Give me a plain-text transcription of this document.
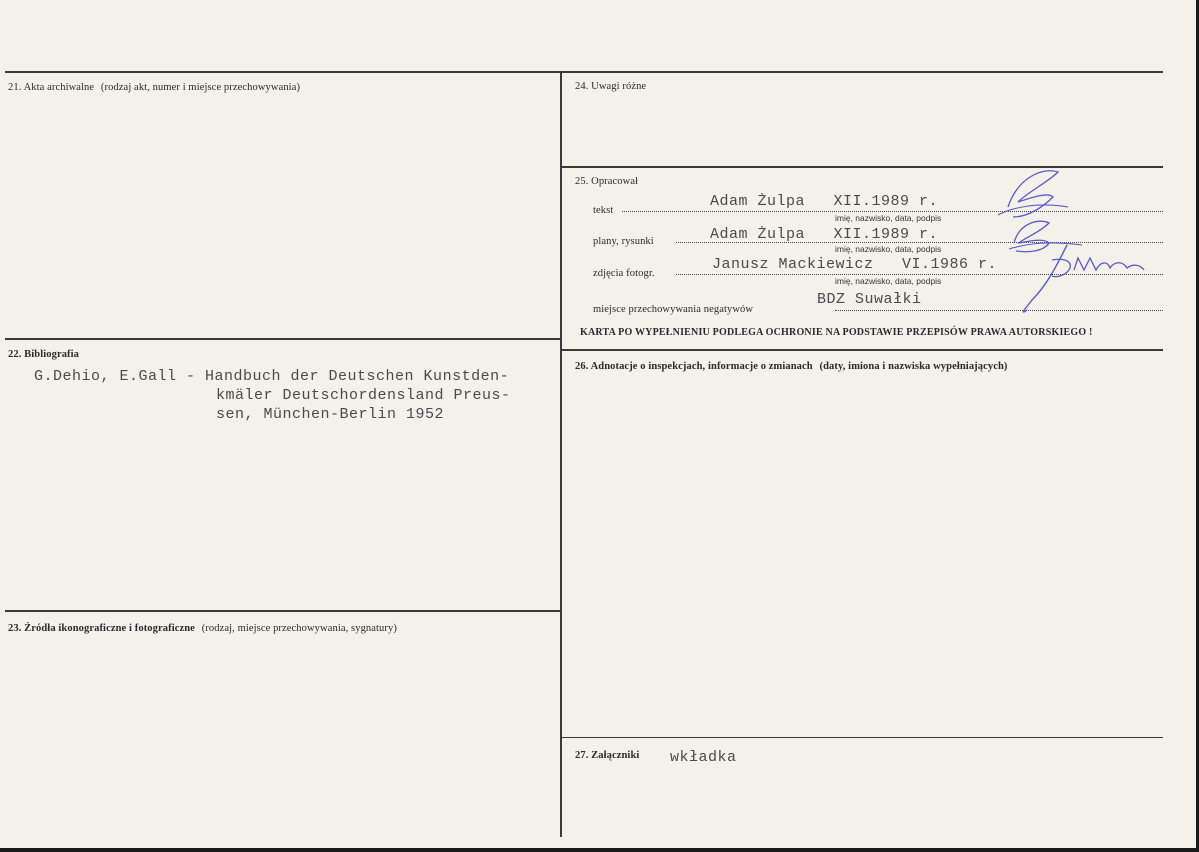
21. Akta archiwalne (rodzaj akt, numer i miejsce przechowywania)
22. Bibliografia
G.Dehio, E.Gall - Handbuch der Deutschen Kunstden-
kmäler Deutschordensland Preus-
sen, München-Berlin 1952
23. Źródła ikonograficzne i fotograficzne (rodzaj, miejsce przechowywania, sygnatury)
24. Uwagi różne
25. Opracował
tekst
Adam Żulpa   XII.1989 r.
imię, nazwisko, data, podpis
plany, rysunki	Adam Żulpa   XII.1989 r.
imię, nazwisko, data, podpis
zdjęcia fotogr.
Janusz Mackiewicz   VI.1986 r.
imię, nazwisko, data, podpis
miejsce przechowywania negatywów
BDZ Suwałki
KARTA PO WYPEŁNIENIU PODLEGA OCHRONIE NA PODSTAWIE PRZEPISÓW PRAWA AUTORSKIEGO !
26. Adnotacje o inspekcjach, informacje o zmianach (daty, imiona i nazwiska wypełniających)
27. Załączniki wkładka
